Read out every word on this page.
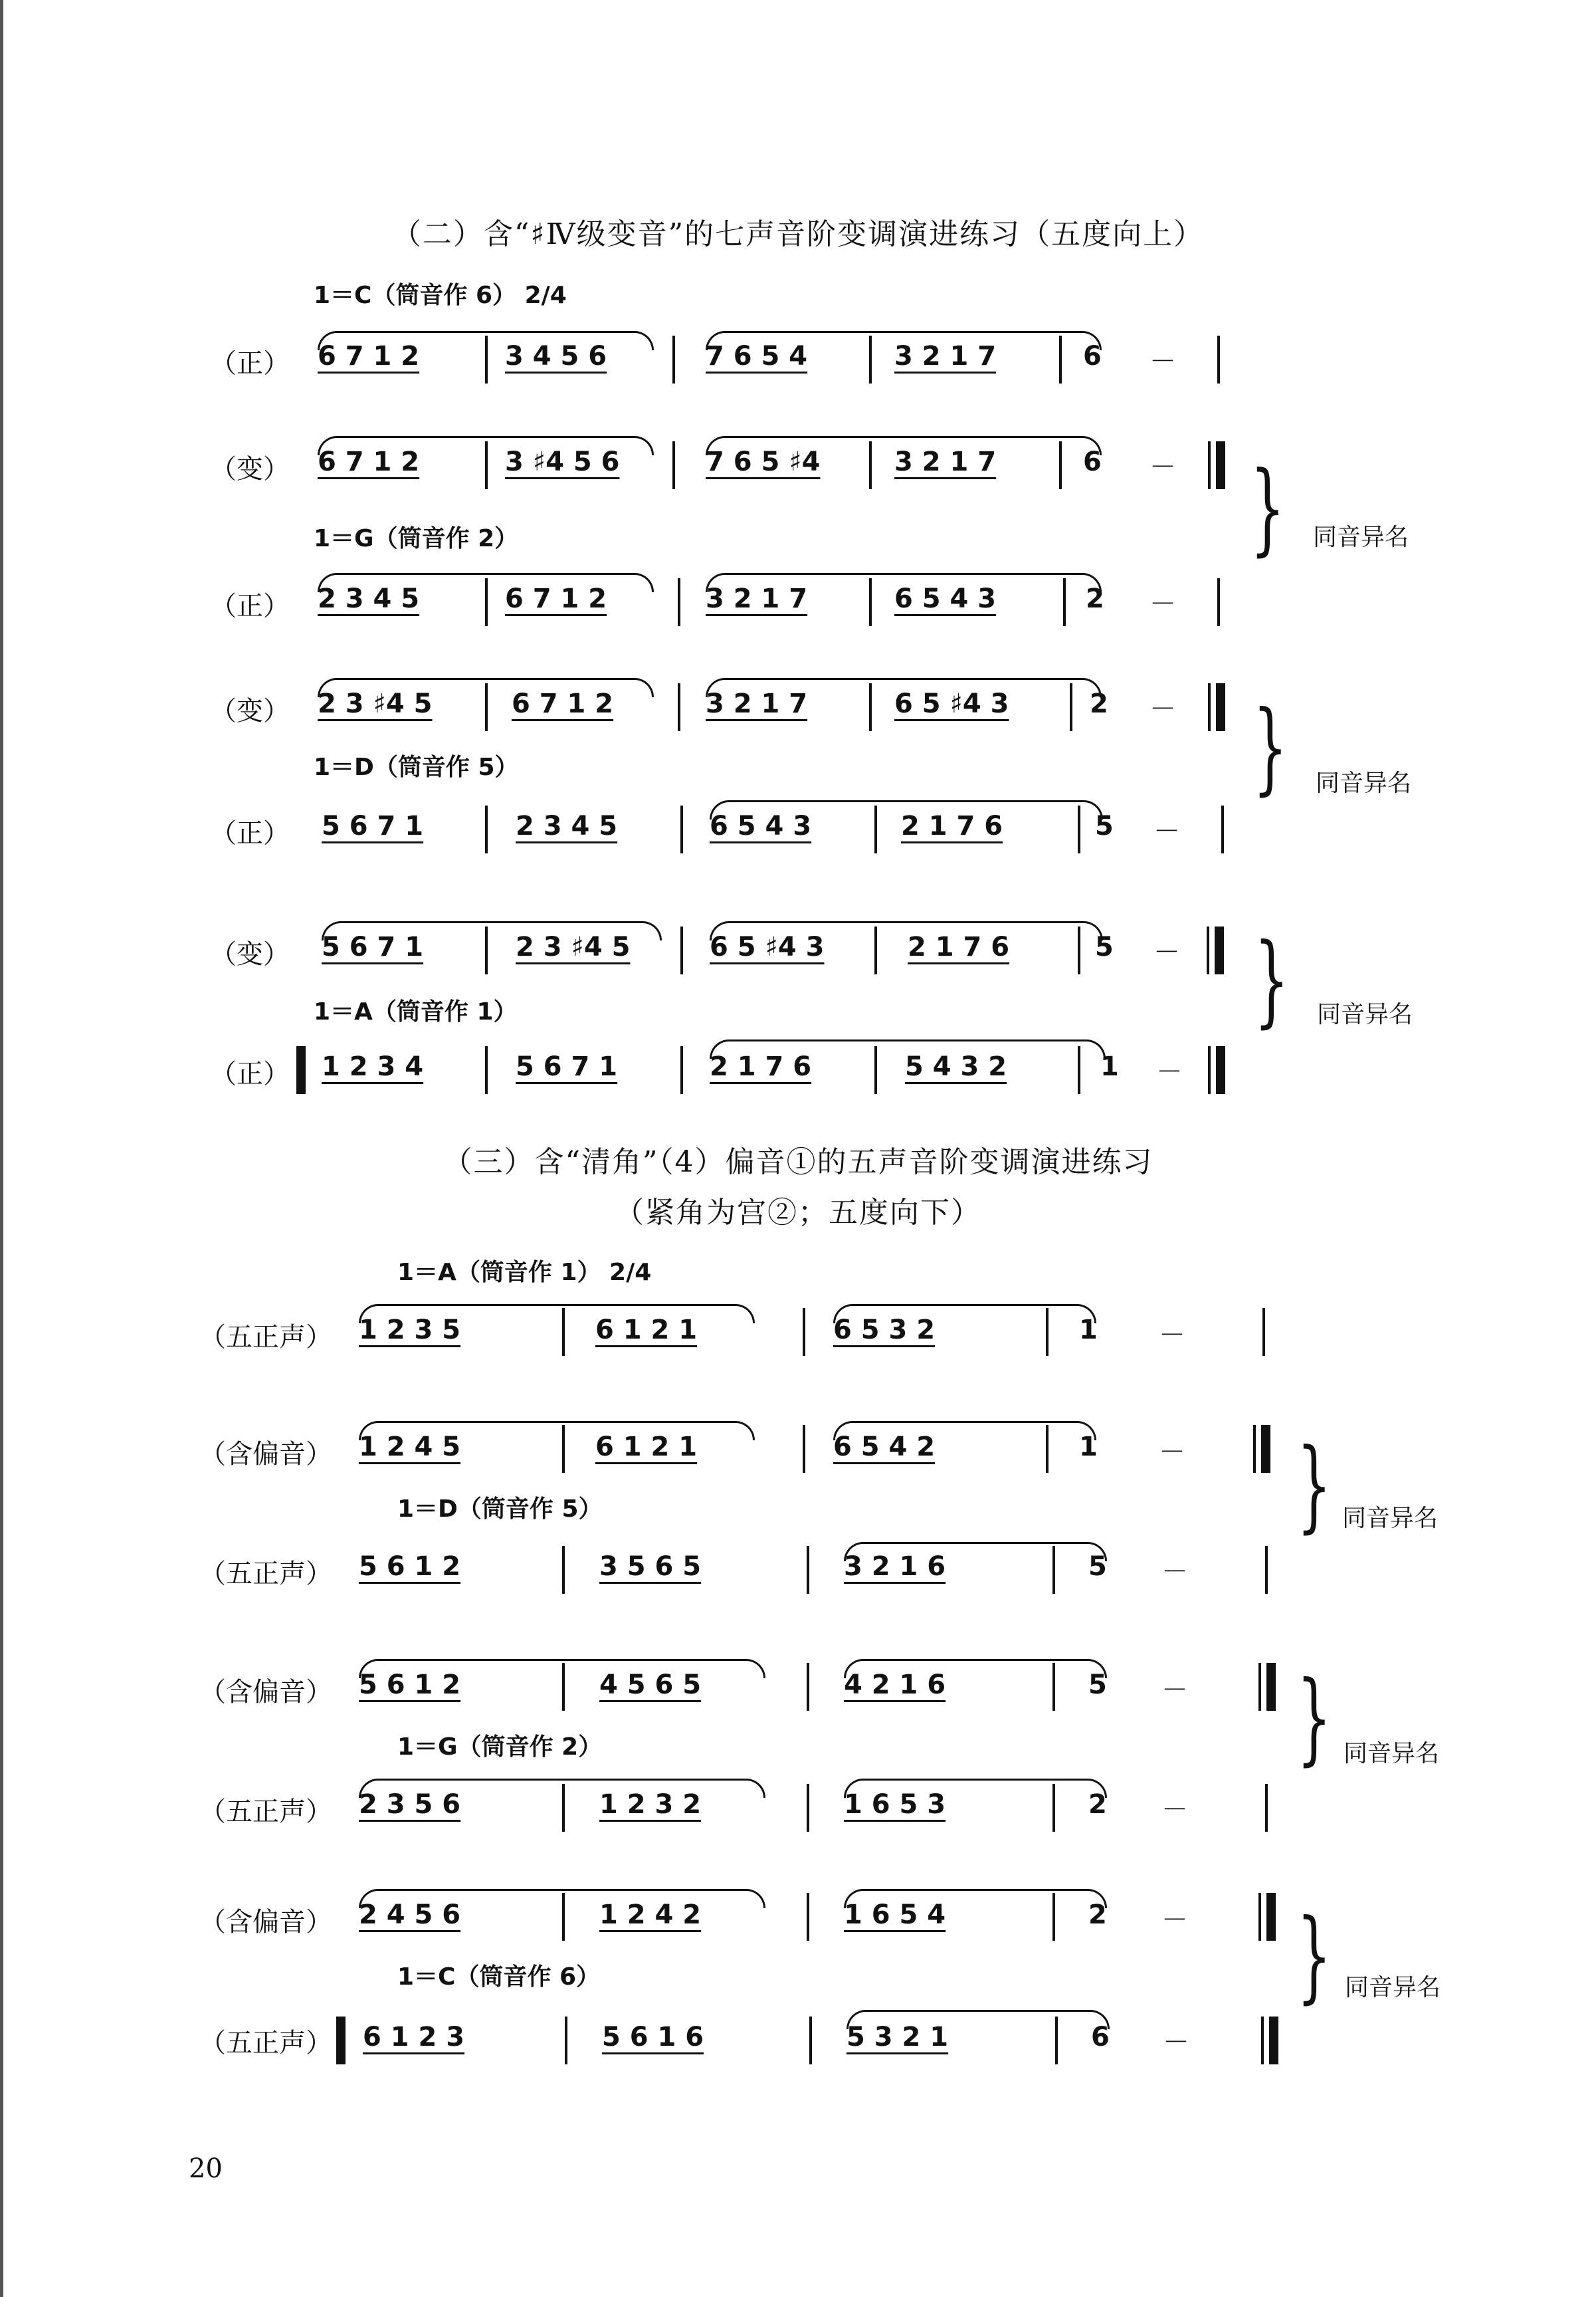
（二）含“♯Ⅳ级变音”的七声音阶变调演进练习（五度向上）
1＝C（筒音作 6） 2/4
（正） 6 7 1 2	3 4 5 6	7 6 5 4	3 2 1 7	6 －
（变） 6 7 1 2	3 ♯4 5 6	7 6 5 ♯4	3 2 1 7	6 －
1＝G（筒音作 2）
（正） 2 3 4 5	6 7 1 2	3 2 1 7	6 5 4 3	2 －
（变） 2 3 ♯4 5	6 7 1 2	3 2 1 7	6 5 ♯4 3	2 －
1＝D（筒音作 5）
（正） 5 6 7 1	2 3 4 5	6 5 4 3	2 1 7 6	5 －
（变） 5 6 7 1	2 3 ♯4 5	6 5 ♯4 3	2 1 7 6	5 －
1＝A（筒音作 1）
（正） 1 2 3 4	5 6 7 1	2 1 7 6	5 4 3 2	1 －
} 同音异名
} 同音异名
} 同音异名
（三）含“清角”（4）偏音①的五声音阶变调演进练习
（紧角为宫②；五度向下）
1＝A（筒音作 1） 2/4
（五正声） 1 2 3 5	6 1 2 1	6 5 3 2	1 －
（含偏音） 1 2 4 5	6 1 2 1	6 5 4 2	1 －
1＝D（筒音作 5）
（五正声） 5 6 1 2	3 5 6 5	3 2 1 6	5 －
（含偏音） 5 6 1 2	4 5 6 5	4 2 1 6	5 －
1＝G（筒音作 2）
（五正声） 2 3 5 6	1 2 3 2	1 6 5 3	2 －
（含偏音） 2 4 5 6	1 2 4 2	1 6 5 4	2 －
1＝C（筒音作 6）
（五正声） 6 1 2 3	5 6 1 6	5 3 2 1	6 －
} 同音异名
} 同音异名
} 同音异名
20
